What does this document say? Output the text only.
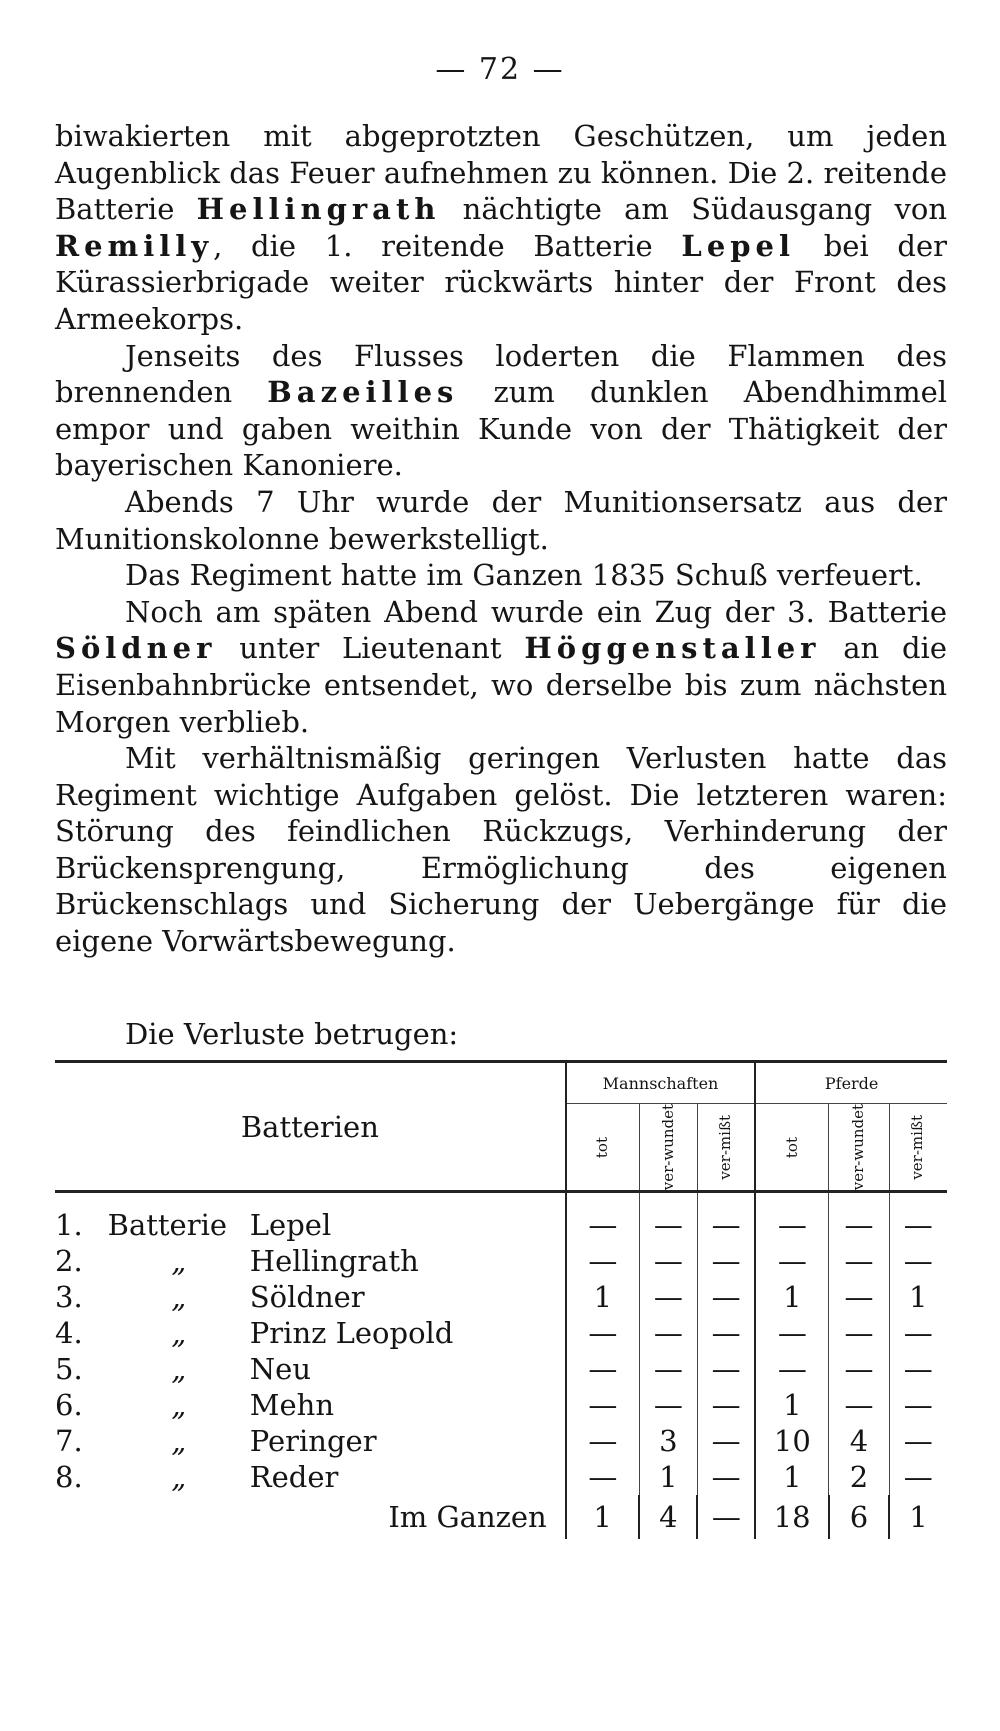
— 72 —

biwakierten mit abgeprotzten Geschützen, um jeden Augenblick das Feuer aufnehmen zu können. Die 2. reitende Batterie Hellingrath nächtigte am Südausgang von Remilly, die 1. reitende Batterie Lepel bei der Kürassierbrigade weiter rückwärts hinter der Front des Armeekorps.

Jenseits des Flusses loderten die Flammen des brennenden Bazeilles zum dunklen Abendhimmel empor und gaben weithin Kunde von der Thätigkeit der bayerischen Kanoniere.

Abends 7 Uhr wurde der Munitionsersatz aus der Munitionskolonne bewerkstelligt.

Das Regiment hatte im Ganzen 1835 Schuß verfeuert.

Noch am späten Abend wurde ein Zug der 3. Batterie Söldner unter Lieutenant Höggenstaller an die Eisenbahnbrücke entsendet, wo derselbe bis zum nächsten Morgen verblieb.

Mit verhältnismäßig geringen Verlusten hatte das Regiment wichtige Aufgaben gelöst. Die letzteren waren: Störung des feindlichen Rückzugs, Verhinderung der Brückensprengung, Ermöglichung des eigenen Brückenschlags und Sicherung der Uebergänge für die eigene Vorwärtsbewegung.

Die Verluste betrugen:
Batterien			Mannschaften			Pferde		

			tot	ver-wundet	ver-mißt	tot	ver-wundet	ver-mißt

1.	Batterie	Lepel	—	—	—	—	—	—
2.	„	Hellingrath	—	—	—	—	—	—
3.	„	Söldner	1	—	—	1	—	1
4.	„	Prinz Leopold	—	—	—	—	—	—
5.	„	Neu	—	—	—	—	—	—
6.	„	Mehn	—	—	—	1	—	—
7.	„	Peringer	—	3	—	10	4	—
8.	„	Reder	—	1	—	1	2	—
Im Ganzen			1	4	—	18	6	1
